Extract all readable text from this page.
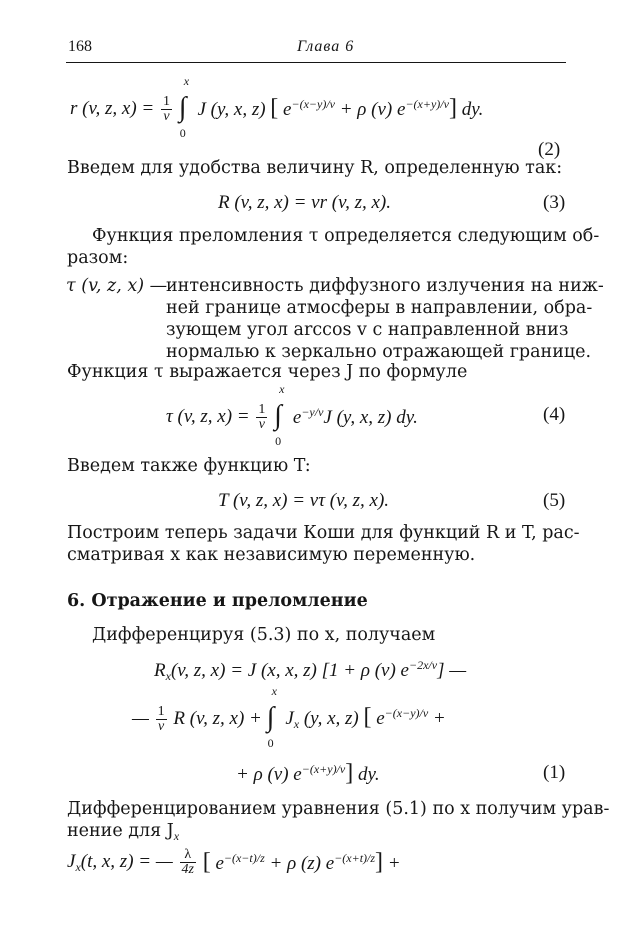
168	Глава 6
r (v, z, $x) = \frac{1}{v}$
∫
x
0
J (y, x, z) [ $e^{-(x-y)/v} + \rho$ (v) $e^{-(x+y)/v}$] dy.
(2)
Введем для удобства величину R, определенную так:
R (v, z, x) = vr (v, z, x).	(3)
Функция преломления τ определяется следующим об-
разом:
τ (v, z, x) —
интенсивность диффузного излучения на ниж-
ней границе атмосферы в направлении, обра-
зующем угол arccos v с направленной вниз
нормалью к зеркально отражающей границе.
Функция τ выражается через J по формуле
τ (v, z, $x) = \frac{1}{v}$
∫
x
0
$e^{-y/v}J$ (y, x, z) dy.	(4)
Введем также функцию T:
T (v, z, x) = vτ (v, z, x).	(5)
Построим теперь задачи Коши для функций R и T, рас-
сматривая x как независимую переменную.
6. Отражение и преломление
Дифференцируя (5.3) по x, получаем
$R_x(v$, z, x) = J (x, x, z) [1 + ρ (v) $e^{-2x/v}$] —
— $\frac{1}{v}$ R (v, z, x) + ∫
x
0
$J_x$ (y, x, z) [ $e^{-(x-y)/v}$ +
+ ρ (v) $e^{-(x+y)/v}$] dy.	(1)
Дифференцированием уравнения (5.1) по x получим урав-
нение для $J_x$
$J_x(t$, x, z) = — $\frac{\lambda}{4z}$ [ $e^{-(x-t)/z} + \rho$ (z) $e^{-(x+t)/z}$] +
